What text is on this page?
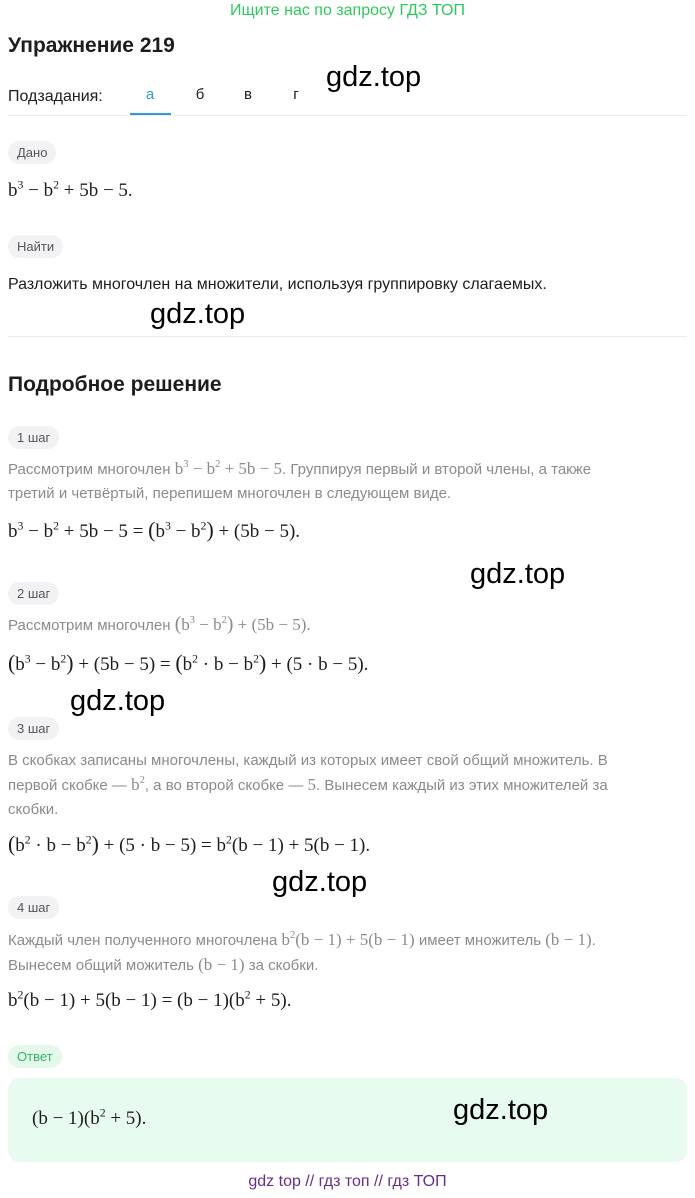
Ищите нас по запросу ГДЗ ТОП
Упражнение 219
Подзадания:	а	б	в	г
gdz.top
gdz.top
gdz.top
gdz.top
gdz.top
Дано
$b^3 - b^2 + 5b - 5$.
Найти
Разложить многочлен на множители, используя группировку слагаемых.
Подробное решение
1 шаг
Рассмотрим многочлен $b^3 - b^2 + 5b - 5$. Группируя первый и второй члены, а также
третий и четвёртый, перепишем многочлен в следующем виде.
$b^3 - b^2 + 5b - 5 = (b^3 - b^2) + (5b - 5)$.
2 шаг
Рассмотрим многочлен $(b^3 - b^2) + (5b - 5)$.
$(b^3 - b^2) + (5b - 5) = (b^2 \cdot b - b^2) + (5 \cdot b - 5)$.
3 шаг
В скобках записаны многочлены, каждый из которых имеет свой общий множитель. В
первой скобке — $b^2$, а во второй скобке — 5. Вынесем каждый из этих множителей за
скобки.
$(b^2 \cdot b - b^2) + (5 \cdot b - 5) = b^2(b - 1) + 5(b - 1)$.
4 шаг
Каждый член полученного многочлена $b^2(b - 1) + 5(b - 1)$ имеет множитель (b − 1).
Вынесем общий можитель (b − 1) за скобки.
$b^2(b - 1) + 5(b - 1) = (b - 1)(b^2 + 5)$.
Ответ
$(b - 1)(b^2 + 5)$.	gdz.top
gdz top // гдз топ // гдз ТОП
